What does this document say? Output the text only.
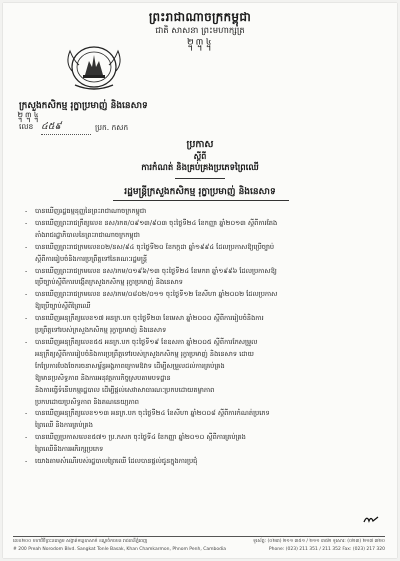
ព្រះរាជាណាចក្រកម្ពុជា
ជាតិ សាសនា ព្រះមហាក្សត្រ
᧢᧣᧤
ក្រសួងកសិកម្ម រុក្ខាប្រមាញ់ និងនេសាទ
᧢᧣᧤
លេខ ៤៥៩	ប្រក. កសក
ប្រកាស
ស្តីពី
ការកំណត់ និងគ្រប់គ្រងប្រភេទព្រៃឈើ
រដ្ឋមន្ត្រីក្រសួងកសិកម្ម រុក្ខាប្រមាញ់ និងនេសាទ
- បានឃើញរដ្ឋធម្មនុញ្ញនៃព្រះរាជាណាចក្រកម្ពុជា
- បានឃើញព្រះរាជក្រឹត្យលេខ នស/រកត/០៩១៣/៩០៣ ចុះថ្ងៃទី២៤ ខែកញ្ញា ឆ្នាំ២០១៣ ស្តីពីការតែង
តាំងរាជរដ្ឋាភិបាលនៃព្រះរាជាណាចក្រកម្ពុជា
- បានឃើញព្រះរាជក្រមលេខ០២/នស/៩៤ ចុះថ្ងៃទី២០ ខែកក្កដា ឆ្នាំ១៩៩៤ ដែលប្រកាសឱ្យប្រើច្បាប់
ស្តីពីការរៀបចំនិងការប្រព្រឹត្តទៅនៃគណៈរដ្ឋមន្ត្រី
- បានឃើញព្រះរាជក្រមលេខ នស/រកម/០១៩៦/១៣ ចុះថ្ងៃទី២៤ ខែមករា ឆ្នាំ១៩៩៦ ដែលប្រកាសឱ្យ
ប្រើច្បាប់ស្តីពីការបង្កើតក្រសួងកសិកម្ម រុក្ខាប្រមាញ់ និងនេសាទ
- បានឃើញព្រះរាជក្រមលេខ នស/រកម/០៨០២/០១១ ចុះថ្ងៃទី១២ ខែសីហា ឆ្នាំ២០០២ ដែលប្រកាស
ឱ្យប្រើច្បាប់ស្តីពីព្រៃឈើ
- បានឃើញអនុក្រឹត្យលេខ១៧ អនក្រ.បក ចុះថ្ងៃទី២៣ ខែមេសា ឆ្នាំ២០០០ ស្តីពីការរៀបចំនិងការ
ប្រព្រឹត្តទៅរបស់ក្រសួងកសិកម្ម រុក្ខាប្រមាញ់ និងនេសាទ
- បានឃើញអនុក្រឹត្យលេខ៥៥ អនក្រ.បក ចុះថ្ងៃទី១៩ ខែឧសភា ឆ្នាំ២០០៥ ស្តីពីការកែសម្រួល
អនុក្រឹត្យស្តីពីការរៀបចំនិងការប្រព្រឹត្តទៅរបស់ក្រសួងកសិកម្ម រុក្ខាប្រមាញ់ និងនេសាទ ដោយ
កែប្រែការបែងចែករចនាសម្ព័ន្ធអង្គភាពក្រោមឱវាទ ដើម្បីសម្រួលដល់ការគ្រប់គ្រង
ឱ្យមានប្រសិទ្ធភាព និងការអនុវត្តភារកិច្ចស្របតាមបទដ្ឋាន
និងការធ្វើទំនើបកម្មរដ្ឋបាល ដើម្បីផ្តល់សេវាសាធារណៈប្រកបដោយតម្លាភាព
ប្រកបដោយប្រសិទ្ធភាព និងគណនេយ្យភាព
- បានឃើញអនុក្រឹត្យលេខ១១៣ អនក្រ.បក ចុះថ្ងៃទី២៤ ខែសីហា ឆ្នាំ២០០៨ ស្តីពីការកំណត់ប្រភេទ
ព្រៃឈើ និងការគ្រប់គ្រង
- បានឃើញប្រកាសលេខ៥៧១ ប្រ.កសក ចុះថ្ងៃទី៤ ខែកញ្ញា ឆ្នាំ២០១០ ស្តីពីការគ្រប់គ្រង
ព្រៃឈើនិងការអភិរក្សប្រភេទ
- យោងតាមសំណើរបស់រដ្ឋបាលព្រៃឈើ ដែលបានផ្តល់ជូនក្នុងការប្រជុំ
លេខ២០០ មហាវិថីព្រះនរោត្តម សង្កាត់ទន្លេបាសាក់ ខណ្ឌចំការមន រាជធានីភ្នំពេញ	ទូរស័ព្ទ: (០២៣) ២១១ ៣៥១ / ២១១ ៣៥២ ទូរសារ: (០២៣) ២១៧ ៣២០
# 200 Preah Norodom Blvd. Sangkat Tonle Basak, Khan Chamkarmon, Phnom Penh, Cambodia	Phone: (023) 211 351 / 211 352 Fax: (023) 217 320
